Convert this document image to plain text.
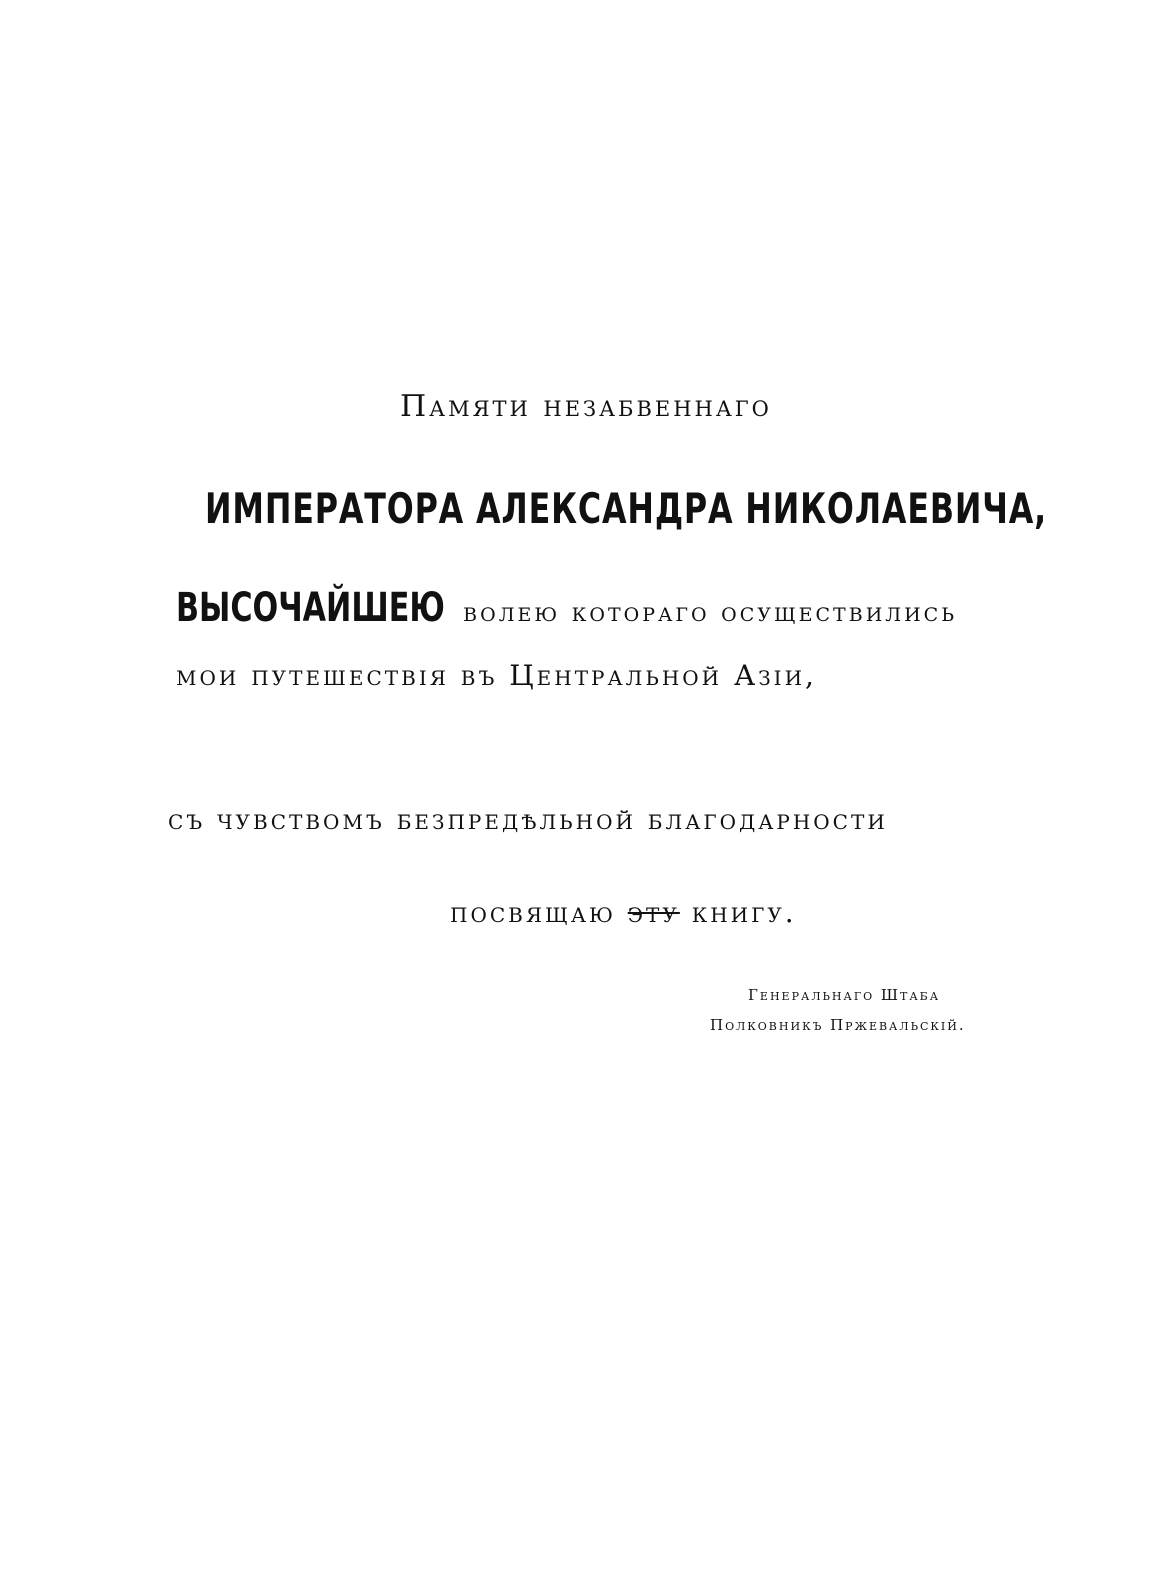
Памяти незабвеннаго
ИМПЕРАТОРА АЛЕКСАНДРА НИКОЛАЕВИЧА,
ВЫСОЧАЙШЕЮ волею котораго осуществились
мои путешествія въ Центральной Азіи,
съ чувствомъ безпредѣльной благодарности
посвящаю эту книгу.
Генеральнаго Штаба
Полковникъ Пржевальскій.
